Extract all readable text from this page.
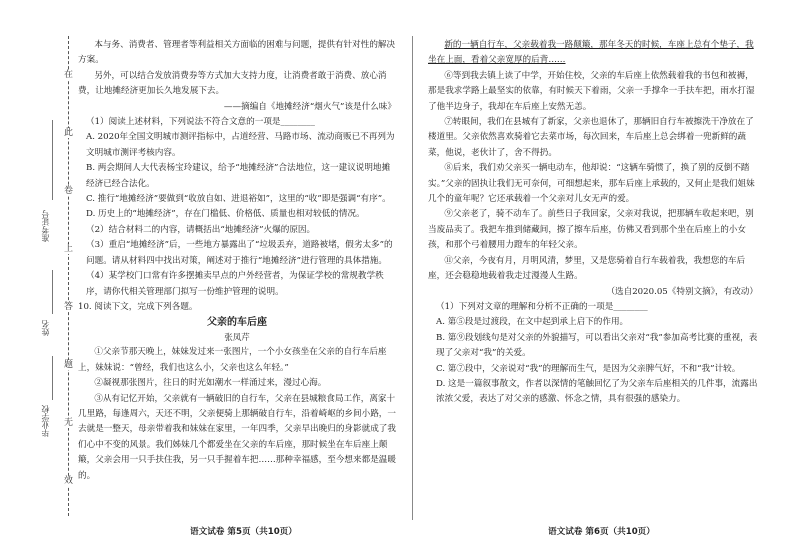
在
此
卷
上
答
题
无
效
准考证号
姓名
毕业学校

本与务、消费者、管理者等利益相关方面临的困难与问题，提供有针对性的解决方案。

另外，可以结合发放消费券等方式加大支持力度，让消费者敢于消费、放心消费，让地摊经济更加长久地发展下去。

——摘编自《地摊经济“烟火气”该是什么味》

（1）阅读上述材料，下列说法不符合文意的一项是________

A. 2020年全国文明城市测评指标中，占道经营、马路市场、流动商贩已不再列为文明城市测评考核内容。

B. 两会期间人大代表杨宝玲建议，给予“地摊经济”合法地位，这一建议说明地摊经济已经合法化。

C. 推行“地摊经济”要做到“收放自如、进退裕如”，这里的“收”即是强调“有序”。

D. 历史上的“地摊经济”，存在门槛低、价格低、质量也相对较低的情况。

（2）结合材料二的内容，请概括出“地摊经济”火爆的原因。

（3）重启“地摊经济”后，一些地方暴露出了“垃圾丢弃，道路被堵，假劣太多”的问题。请从材料四中找出对策，阐述对于推行“地摊经济”进行管理的具体措施。

（4）某学校门口常有许多摆摊卖早点的户外经营者，为保证学校的常规教学秩序，请你代相关管理部门拟写一份维护管理的说明。

10. 阅读下文，完成下列各题。

父亲的车后座

张凤芹

①父亲节那天晚上，妹妹发过来一张图片，一个小女孩坐在父亲的自行车后座上，妹妹说：“曾经，我们也这么小，父亲也这么年轻。”

②凝视那张图片，往日的时光如潮水一样涌过来，漫过心海。

③从有记忆开始，父亲就有一辆破旧的自行车，父亲在县城粮食局工作，离家十几里路，每逢周六，天还不明，父亲便骑上那辆破自行车，沿着崎岖的乡间小路，一去就是一整天，母亲带着我和妹妹在家里，一年四季，父亲早出晚归的身影就成了我们心中不变的风景。我们姊妹几个都爱坐在父亲的车后座，那时候坐在车后座上颠簸，父亲会用一只手扶住我，另一只手握着车把……那种幸福感，至今想来都是温暖的。

新的一辆自行车，父亲载着我一路颠簸，那年冬天的时候，车座上总有个垫子，我坐在上面，看着父亲宽厚的后背……

⑥等到我去镇上读了中学，开始住校，父亲的车后座上依然载着我的书包和被褥，那是我求学路上最坚实的依靠，有时候天下着雨，父亲一手撑伞一手扶车把，雨水打湿了他半边身子，我却在车后座上安然无恙。

⑦转眼间，我们在县城有了新家，父亲也退休了，那辆旧自行车被擦洗干净放在了楼道里。父亲依然喜欢骑着它去菜市场，每次回来，车后座上总会绑着一兜新鲜的蔬菜，他说，老伙计了，舍不得扔。

⑧后来，我们劝父亲买一辆电动车，他却说：“这辆车骑惯了，换了别的反倒不踏实。”父亲的固执让我们无可奈何，可细想起来，那车后座上承载的，又何止是我们姐妹几个的童年呢？它还承载着一个父亲对儿女无声的爱。

⑨父亲老了，骑不动车了。前些日子我回家，父亲对我说，把那辆车收起来吧，别当废品卖了。我把车推到储藏间，擦了擦车后座，仿佛又看到那个坐在后座上的小女孩，和那个弓着腰用力蹬车的年轻父亲。

⑪父亲，今夜有月，月明风清，梦里，又是您骑着自行车载着我，我想您的车后座，还会稳稳地载着我走过漫漫人生路。

（选自2020.05《特别文摘》，有改动）

（1）下列对文章的理解和分析不正确的一项是________

A. 第⑤段是过渡段，在文中起到承上启下的作用。

B. 第⑨段划线句是对父亲的外貌描写，可以看出父亲对“我”参加高考比赛的重视，表现了父亲对“我”的关爱。

C. 第⑦段中，父亲说对“我”的理解而生气，是因为父亲脾气好，不和“我”计较。

D. 这是一篇叙事散文，作者以深情的笔触回忆了为父亲车后座相关的几件事，流露出浓浓父爱，表达了对父亲的感激、怀念之情，具有很强的感染力。

语文试卷 第5页（共10页）	语文试卷 第6页（共10页）
